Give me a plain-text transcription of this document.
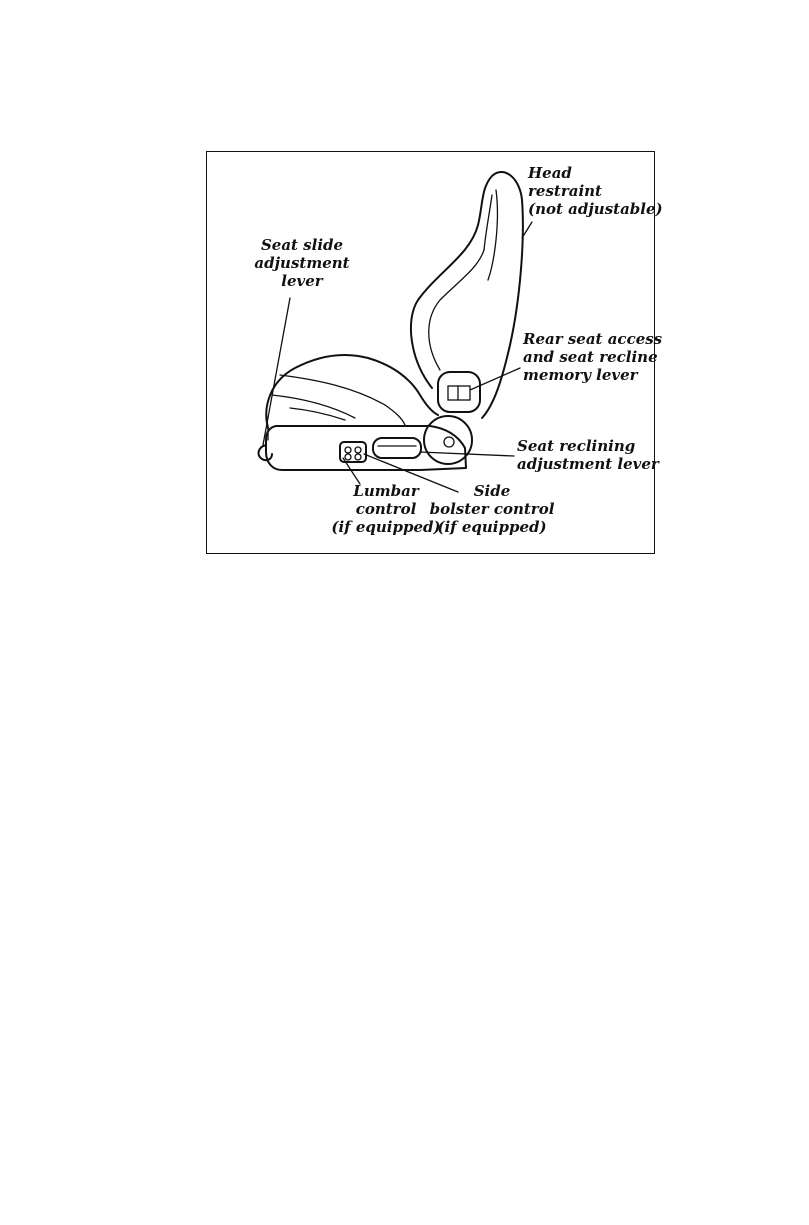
Head
restraint
(not adjustable)
Seat slide
adjustment
lever
Rear seat access
and seat recline
memory lever
Seat reclining
adjustment lever
Lumbar
control
(if equipped)
Side
bolster control
(if equipped)
